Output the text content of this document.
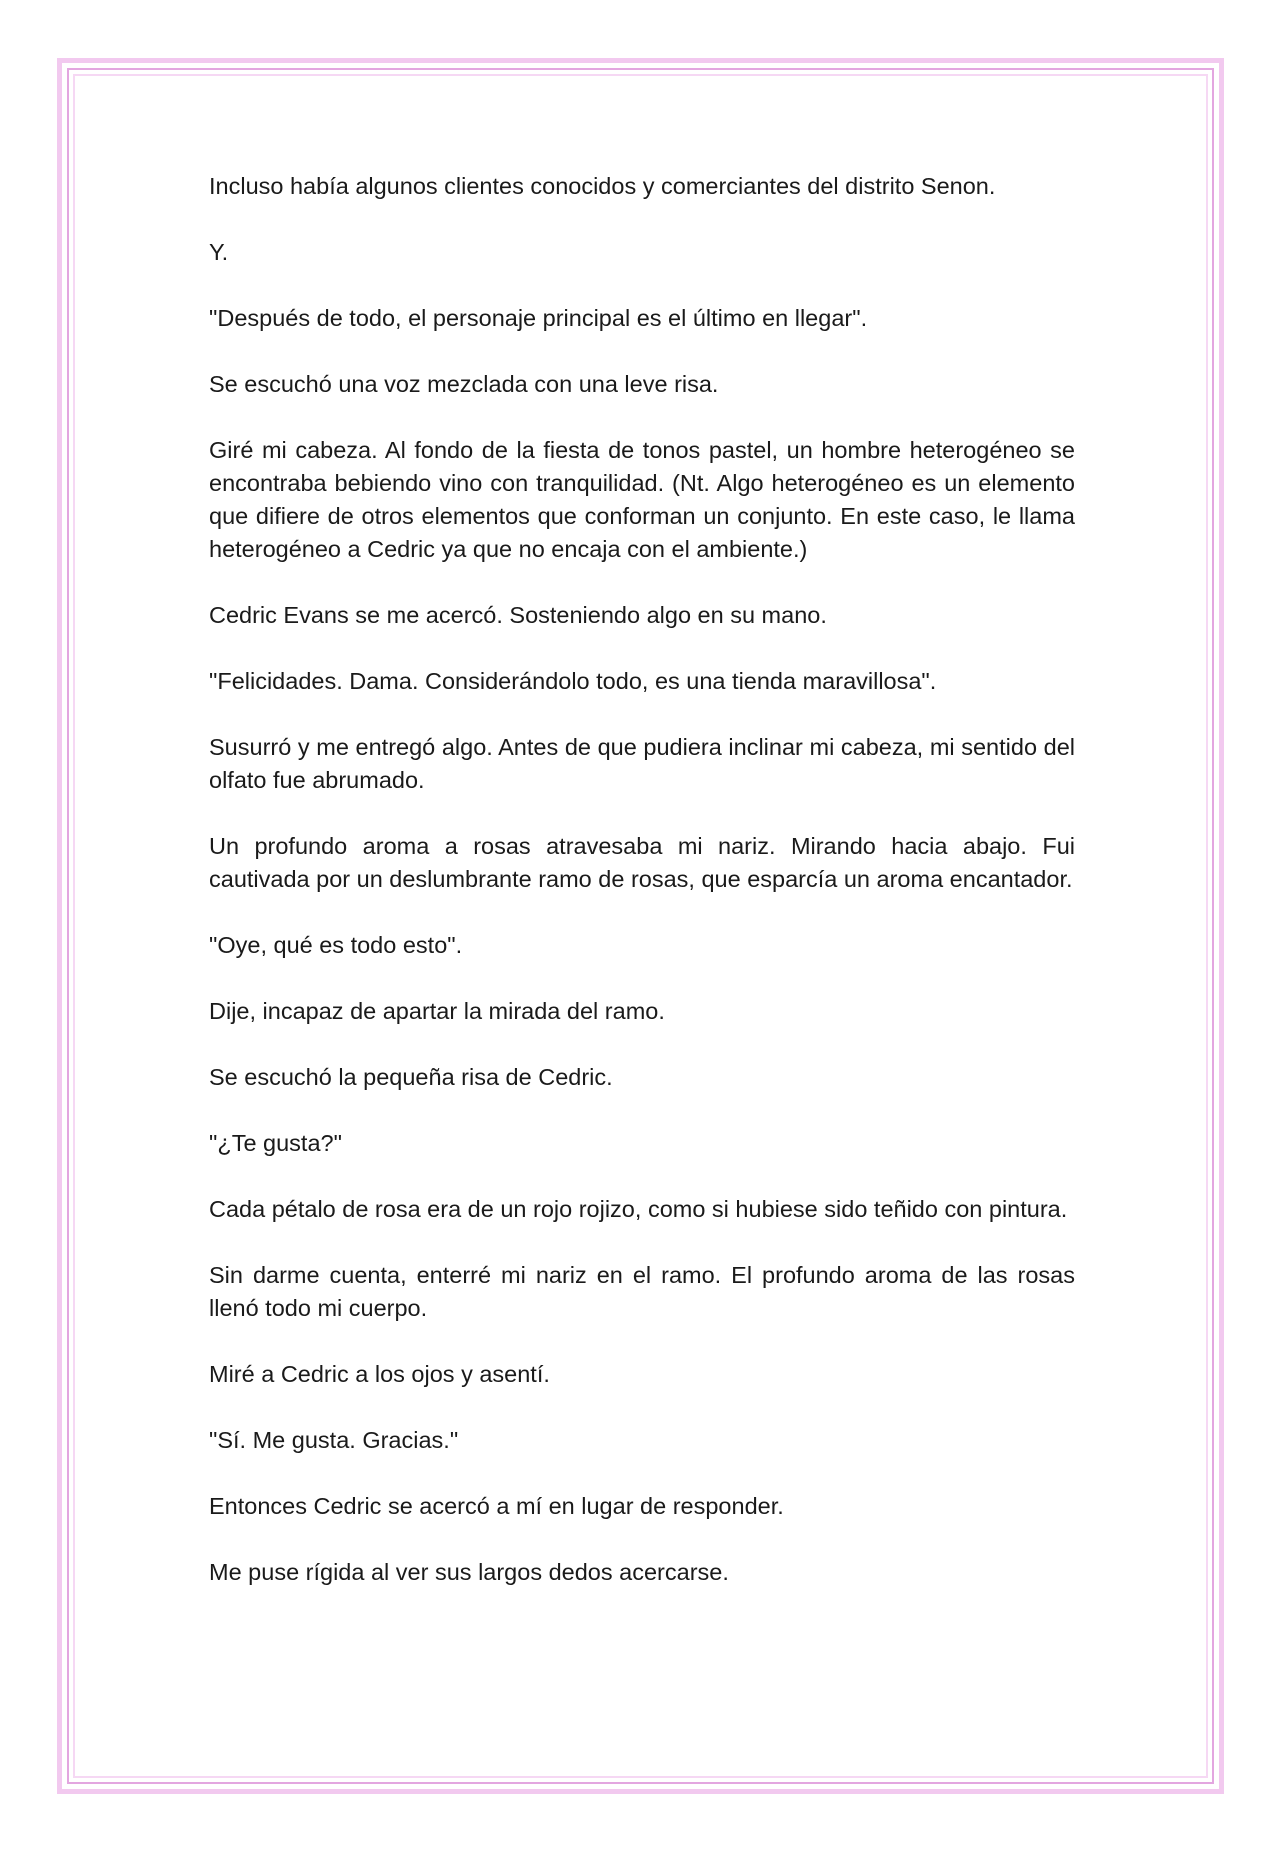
Incluso había algunos clientes conocidos y comerciantes del distrito Senon.

Y.

"Después de todo, el personaje principal es el último en llegar".

Se escuchó una voz mezclada con una leve risa.

Giré mi cabeza. Al fondo de la fiesta de tonos pastel, un hombre heterogéneo se encontraba bebiendo vino con tranquilidad. (Nt. Algo heterogéneo es un elemento que difiere de otros elementos que conforman un conjunto. En este caso, le llama heterogéneo a Cedric ya que no encaja con el ambiente.)

Cedric Evans se me acercó. Sosteniendo algo en su mano.

"Felicidades. Dama. Considerándolo todo, es una tienda maravillosa".

Susurró y me entregó algo. Antes de que pudiera inclinar mi cabeza, mi sentido del olfato fue abrumado.

Un profundo aroma a rosas atravesaba mi nariz. Mirando hacia abajo. Fui cautivada por un deslumbrante ramo de rosas, que esparcía un aroma encantador.

"Oye, qué es todo esto".

Dije, incapaz de apartar la mirada del ramo.

Se escuchó la pequeña risa de Cedric.

"¿Te gusta?"

Cada pétalo de rosa era de un rojo rojizo, como si hubiese sido teñido con pintura.

Sin darme cuenta, enterré mi nariz en el ramo. El profundo aroma de las rosas llenó todo mi cuerpo.

Miré a Cedric a los ojos y asentí.

"Sí. Me gusta. Gracias."

Entonces Cedric se acercó a mí en lugar de responder.

Me puse rígida al ver sus largos dedos acercarse.
